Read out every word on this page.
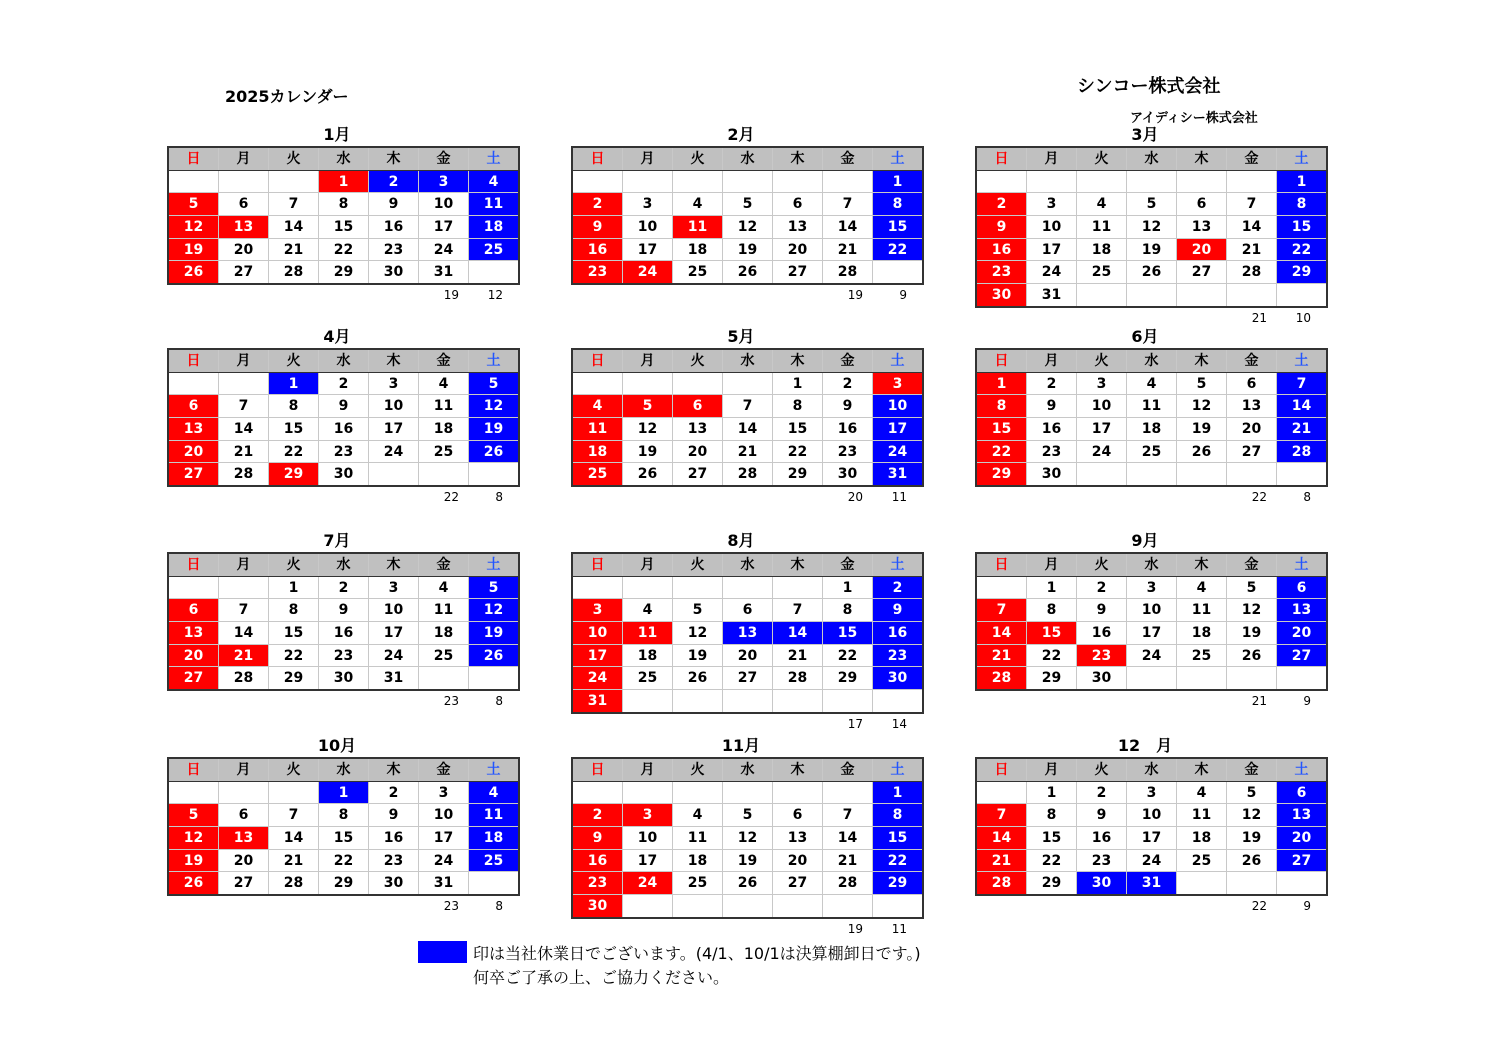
2025カレンダー	シンコー株式会社
アイディシー株式会社
1月
日	月	火	水	木	金	土
			1	2	3	4
5	6	7	8	9	10	11
12	13	14	15	16	17	18
19	20	21	22	23	24	25
26	27	28	29	30	31	
19	12
2月
日	月	火	水	木	金	土
						1
2	3	4	5	6	7	8
9	10	11	12	13	14	15
16	17	18	19	20	21	22
23	24	25	26	27	28	
19	9
3月
日	月	火	水	木	金	土
						1
2	3	4	5	6	7	8
9	10	11	12	13	14	15
16	17	18	19	20	21	22
23	24	25	26	27	28	29
30	31					
21	10
4月
日	月	火	水	木	金	土
		1	2	3	4	5
6	7	8	9	10	11	12
13	14	15	16	17	18	19
20	21	22	23	24	25	26
27	28	29	30			
22	8
5月
日	月	火	水	木	金	土
				1	2	3
4	5	6	7	8	9	10
11	12	13	14	15	16	17
18	19	20	21	22	23	24
25	26	27	28	29	30	31
20	11
6月
日	月	火	水	木	金	土
1	2	3	4	5	6	7
8	9	10	11	12	13	14
15	16	17	18	19	20	21
22	23	24	25	26	27	28
29	30					
22	8
7月
日	月	火	水	木	金	土
		1	2	3	4	5
6	7	8	9	10	11	12
13	14	15	16	17	18	19
20	21	22	23	24	25	26
27	28	29	30	31		
23	8
8月
日	月	火	水	木	金	土
					1	2
3	4	5	6	7	8	9
10	11	12	13	14	15	16
17	18	19	20	21	22	23
24	25	26	27	28	29	30
31						
17	14
9月
日	月	火	水	木	金	土
	1	2	3	4	5	6
7	8	9	10	11	12	13
14	15	16	17	18	19	20
21	22	23	24	25	26	27
28	29	30				
21	9
10月
日	月	火	水	木	金	土
			1	2	3	4
5	6	7	8	9	10	11
12	13	14	15	16	17	18
19	20	21	22	23	24	25
26	27	28	29	30	31	
23	8
11月
日	月	火	水	木	金	土
						1
2	3	4	5	6	7	8
9	10	11	12	13	14	15
16	17	18	19	20	21	22
23	24	25	26	27	28	29
30						
19	11
12　月
日	月	火	水	木	金	土
	1	2	3	4	5	6
7	8	9	10	11	12	13
14	15	16	17	18	19	20
21	22	23	24	25	26	27
28	29	30	31			
22	9
印は当社休業日でございます。(4/1、10/1は決算棚卸日です。)
何卒ご了承の上、ご協力ください。
